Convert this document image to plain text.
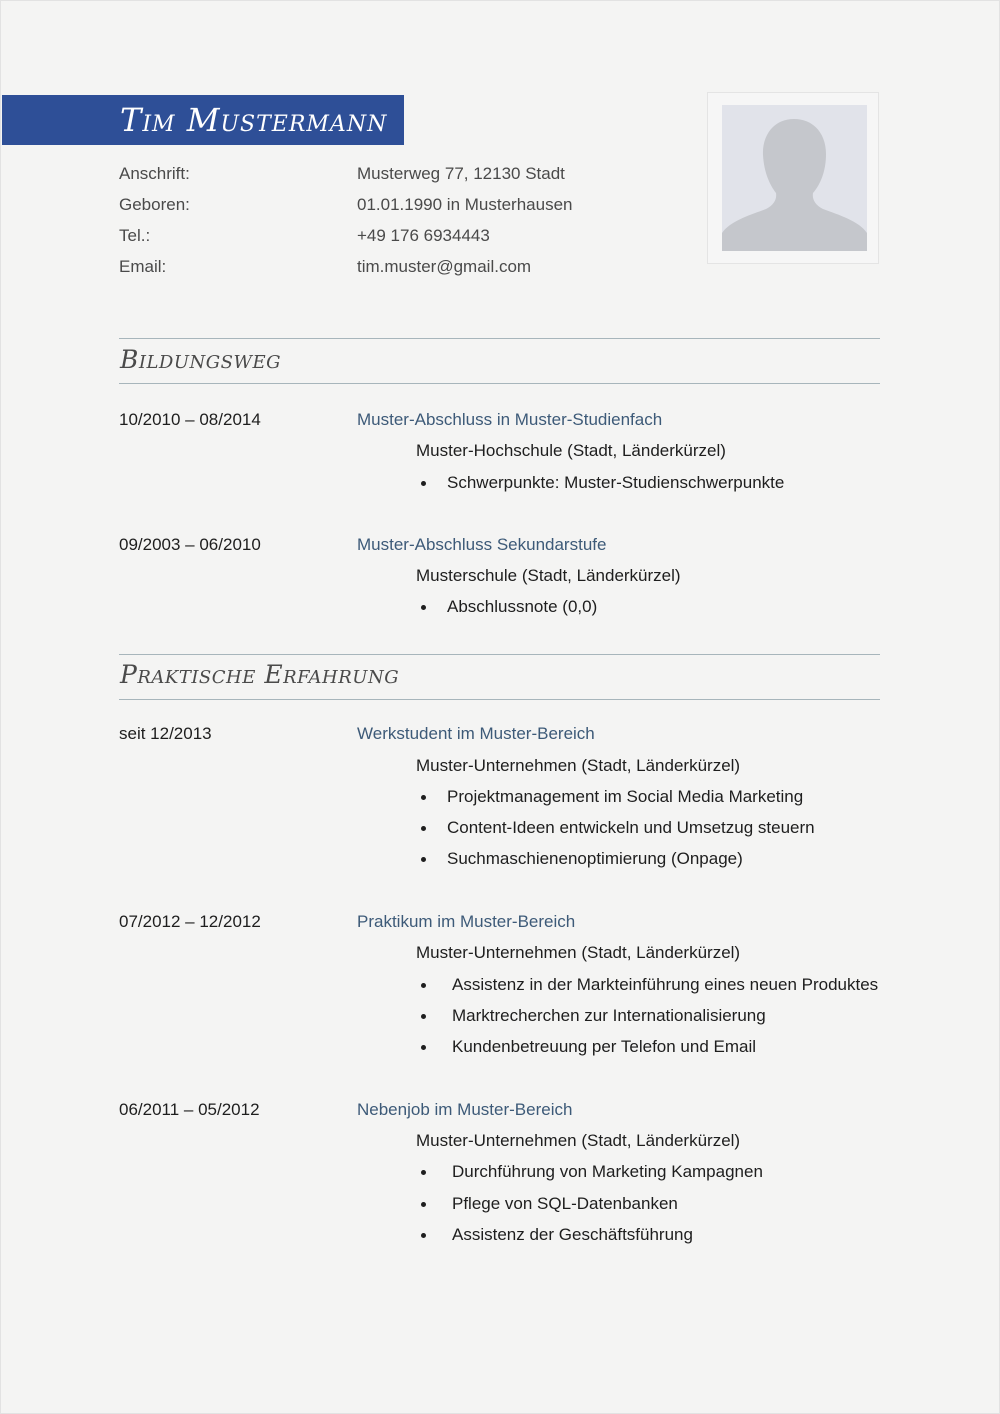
Tim Mustermann
Anschrift:	Musterweg 77, 12130 Stadt
Geboren:	01.01.1990 in Musterhausen
Tel.:	+49 176 6934443
Email:	tim.muster@gmail.com
Bildungsweg
10/2010 – 08/2014	Muster-Abschluss in Muster-Studienfach
Muster-Hochschule (Stadt, Länderkürzel)
Schwerpunkte: Muster-Studienschwerpunkte
09/2003 – 06/2010	Muster-Abschluss Sekundarstufe
Musterschule (Stadt, Länderkürzel)
Abschlussnote (0,0)
Praktische Erfahrung
seit 12/2013	Werkstudent im Muster-Bereich
Muster-Unternehmen (Stadt, Länderkürzel)
Projektmanagement im Social Media Marketing
Content-Ideen entwickeln und Umsetzug steuern
Suchmaschienenoptimierung (Onpage)
07/2012 – 12/2012	Praktikum im Muster-Bereich
Muster-Unternehmen (Stadt, Länderkürzel)
Assistenz in der Markteinführung eines neuen Produktes
Marktrecherchen zur Internationalisierung
Kundenbetreuung per Telefon und Email
06/2011 – 05/2012	Nebenjob im Muster-Bereich
Muster-Unternehmen (Stadt, Länderkürzel)
Durchführung von Marketing Kampagnen
Pflege von SQL-Datenbanken
Assistenz der Geschäftsführung
